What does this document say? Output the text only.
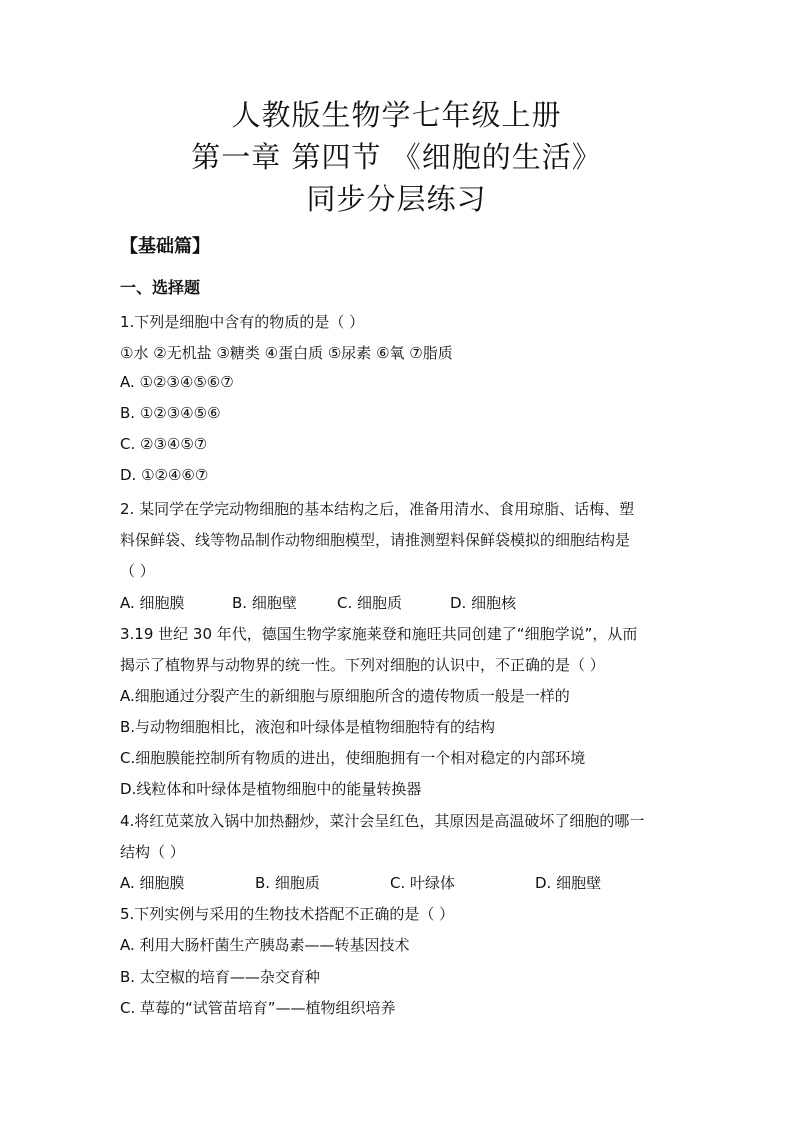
人教版生物学七年级上册
第一章 第四节 《细胞的生活》
同步分层练习
【基础篇】
一、选择题
1.下列是细胞中含有的物质的是（ ）
①水 ②无机盐 ③糖类 ④蛋白质 ⑤尿素 ⑥氧 ⑦脂质
A. ①②③④⑤⑥⑦
B. ①②③④⑤⑥
C. ②③④⑤⑦
D. ①②④⑥⑦
2. 某同学在学完动物细胞的基本结构之后，准备用清水、食用琼脂、话梅、塑
料保鲜袋、线等物品制作动物细胞模型，请推测塑料保鲜袋模拟的细胞结构是
（ ）
A. 细胞膜	B. 细胞壁	C. 细胞质	D. 细胞核
3.19 世纪 30 年代，德国生物学家施莱登和施旺共同创建了“细胞学说”，从而
揭示了植物界与动物界的统一性。下列对细胞的认识中，不正确的是（ ）
A.细胞通过分裂产生的新细胞与原细胞所含的遗传物质一般是一样的
B.与动物细胞相比，液泡和叶绿体是植物细胞特有的结构
C.细胞膜能控制所有物质的进出，使细胞拥有一个相对稳定的内部环境
D.线粒体和叶绿体是植物细胞中的能量转换器
4.将红苋菜放入锅中加热翻炒，菜汁会呈红色，其原因是高温破坏了细胞的哪一
结构（ ）
A. 细胞膜	B. 细胞质	C. 叶绿体	D. 细胞壁
5.下列实例与采用的生物技术搭配不正确的是（ ）
A. 利用大肠杆菌生产胰岛素——转基因技术
B. 太空椒的培育——杂交育种
C. 草莓的“试管苗培育”——植物组织培养
